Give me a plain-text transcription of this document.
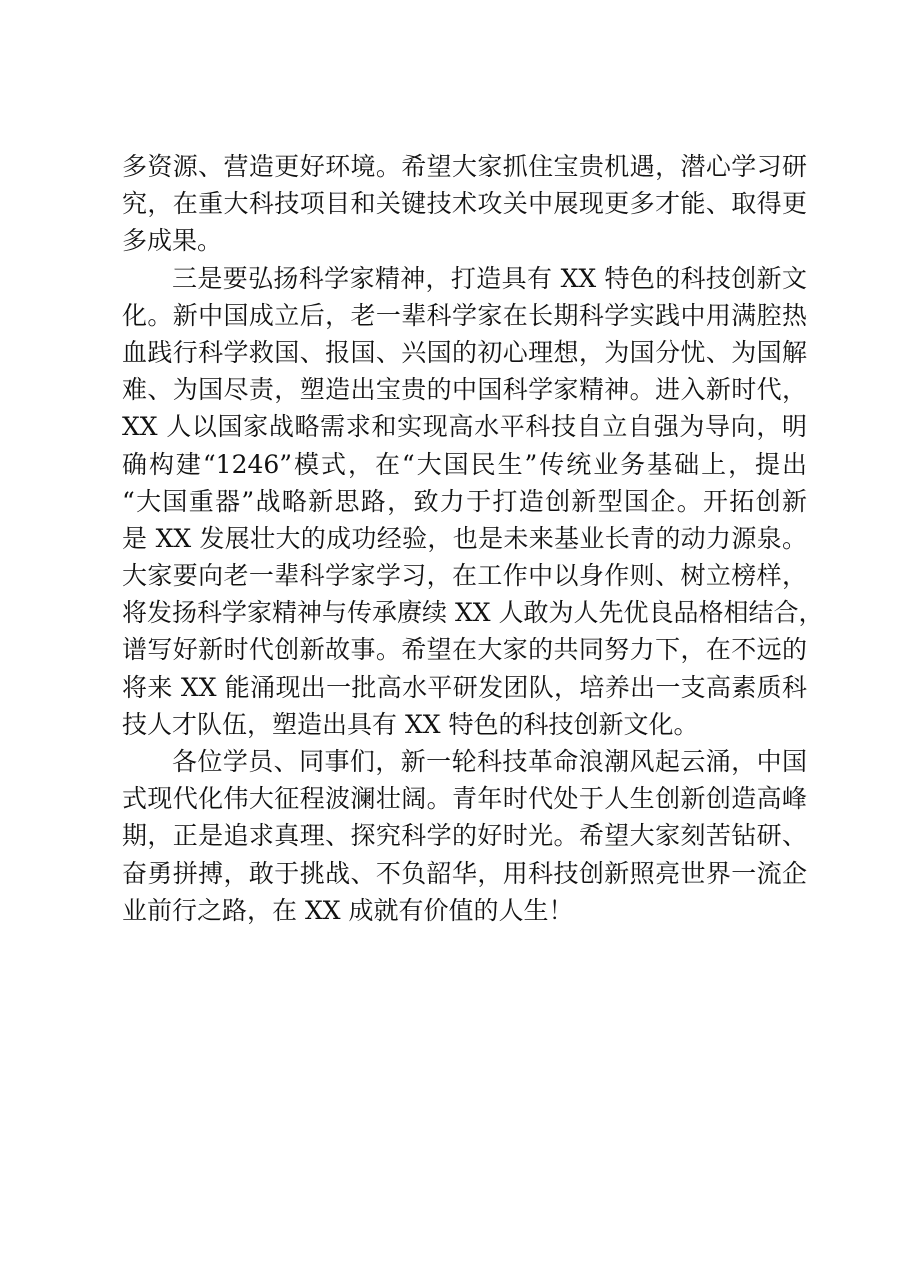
多资源、营造更好环境。希望大家抓住宝贵机遇，潜心学习研
究，在重大科技项目和关键技术攻关中展现更多才能、取得更
多成果。
三是要弘扬科学家精神，打造具有 XX 特色的科技创新文
化。新中国成立后，老一辈科学家在长期科学实践中用满腔热
血践行科学救国、报国、兴国的初心理想，为国分忧、为国解
难、为国尽责，塑造出宝贵的中国科学家精神。进入新时代，
XX 人以国家战略需求和实现高水平科技自立自强为导向，明
确构建“1246”模式，在“大国民生”传统业务基础上，提出
“大国重器”战略新思路，致力于打造创新型国企。开拓创新
是 XX 发展壮大的成功经验，也是未来基业长青的动力源泉。
大家要向老一辈科学家学习，在工作中以身作则、树立榜样，
将发扬科学家精神与传承赓续 XX 人敢为人先优良品格相结合，
谱写好新时代创新故事。希望在大家的共同努力下，在不远的
将来 XX 能涌现出一批高水平研发团队，培养出一支高素质科
技人才队伍，塑造出具有 XX 特色的科技创新文化。
各位学员、同事们，新一轮科技革命浪潮风起云涌，中国
式现代化伟大征程波澜壮阔。青年时代处于人生创新创造高峰
期，正是追求真理、探究科学的好时光。希望大家刻苦钻研、
奋勇拼搏，敢于挑战、不负韶华，用科技创新照亮世界一流企
业前行之路，在 XX 成就有价值的人生！
